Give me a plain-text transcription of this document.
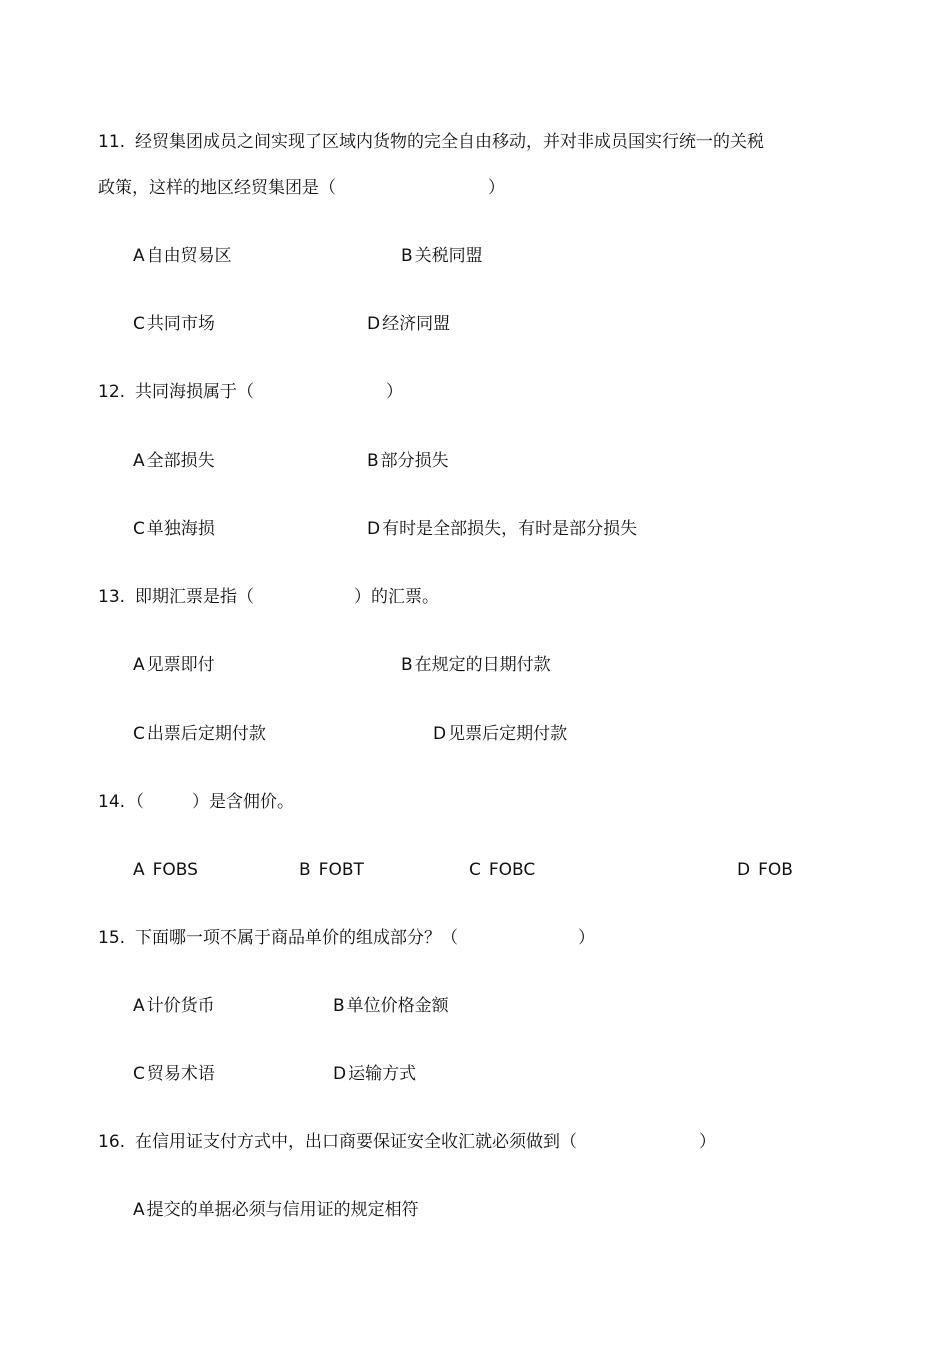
11. 经贸集团成员之间实现了区域内货物的完全自由移动，并对非成员国实行统一的关税
政策，这样的地区经贸集团是（	）
A 自由贸易区	B 关税同盟
C 共同市场	D 经济同盟
12. 共同海损属于（	）
A 全部损失	B 部分损失
C 单独海损	D 有时是全部损失，有时是部分损失
13. 即期汇票是指（	）的汇票。
A 见票即付	B 在规定的日期付款
C 出票后定期付款	D 见票后定期付款
14. （	）是含佣价。
A FOBS	B FOBT	C FOBC	D FOB
15. 下面哪一项不属于商品单价的组成部分？（	）
A 计价货币	B 单位价格金额
C 贸易术语	D 运输方式
16. 在信用证支付方式中，出口商要保证安全收汇就必须做到（	）
A 提交的单据必须与信用证的规定相符
